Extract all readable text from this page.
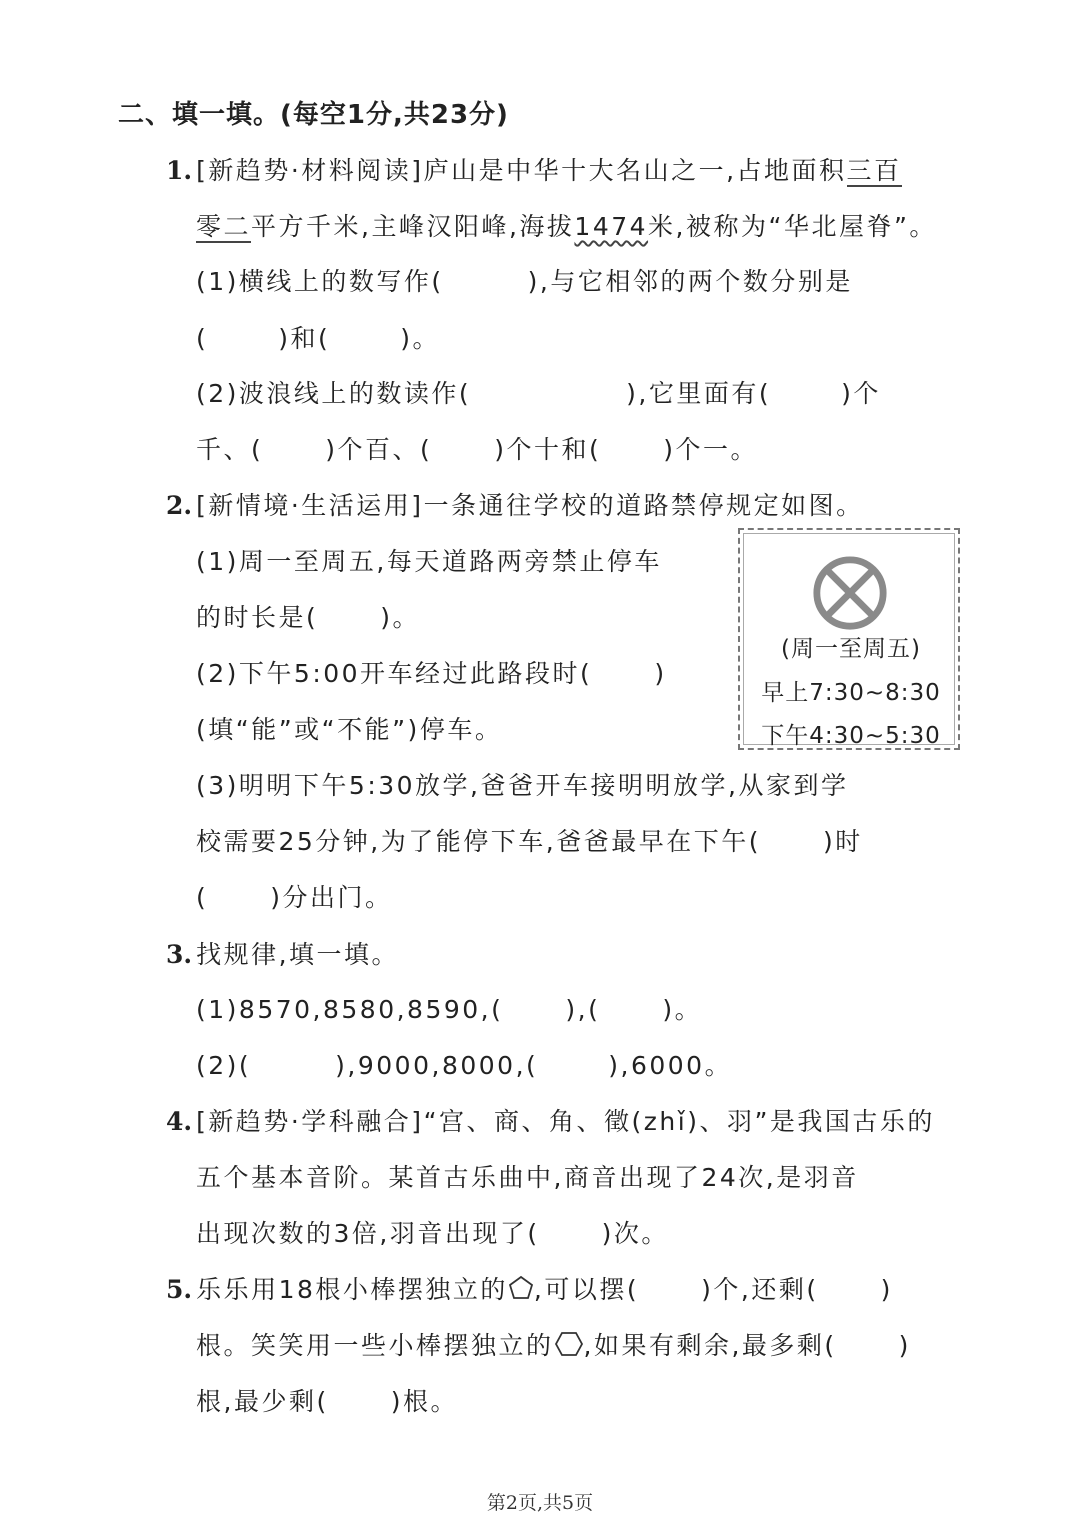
二、填一填。(每空1分,共23分)
1. [新趋势·材料阅读]庐山是中华十大名山之一,占地面积三百
零二平方千米,主峰汉阳峰,海拔1474米,被称为“华北屋脊”。
(1)横线上的数写作(	),与它相邻的两个数分别是
(	)和(	)。
(2)波浪线上的数读作(	),它里面有(	)个
千、( )个百、( )个十和( )个一。
2. [新情境·生活运用]一条通往学校的道路禁停规定如图。
(1)周一至周五,每天道路两旁禁止停车
的时长是( )。
(2)下午5:00开车经过此路段时( )
(填“能”或“不能”)停车。
(周一至周五)
早上7:30~8:30
下午4:30~5:30
(3)明明下午5:30放学,爸爸开车接明明放学,从家到学
校需要25分钟,为了能停下车,爸爸最早在下午( )时
( )分出门。
3. 找规律,填一填。
(1)8570,8580,8590,( ),( )。
(2)(	),9000,8000,(	),6000。
4. [新趋势·学科融合]“宫、商、角、徵(zhǐ)、羽”是我国古乐的
五个基本音阶。某首古乐曲中,商音出现了24次,是羽音
出现次数的3倍,羽音出现了( )次。
5. 乐乐用18根小棒摆独立的 ,可以摆( )个,还剩( )
根。笑笑用一些小棒摆独立的 ,如果有剩余,最多剩( )
根,最少剩( )根。
第2页,共5页
